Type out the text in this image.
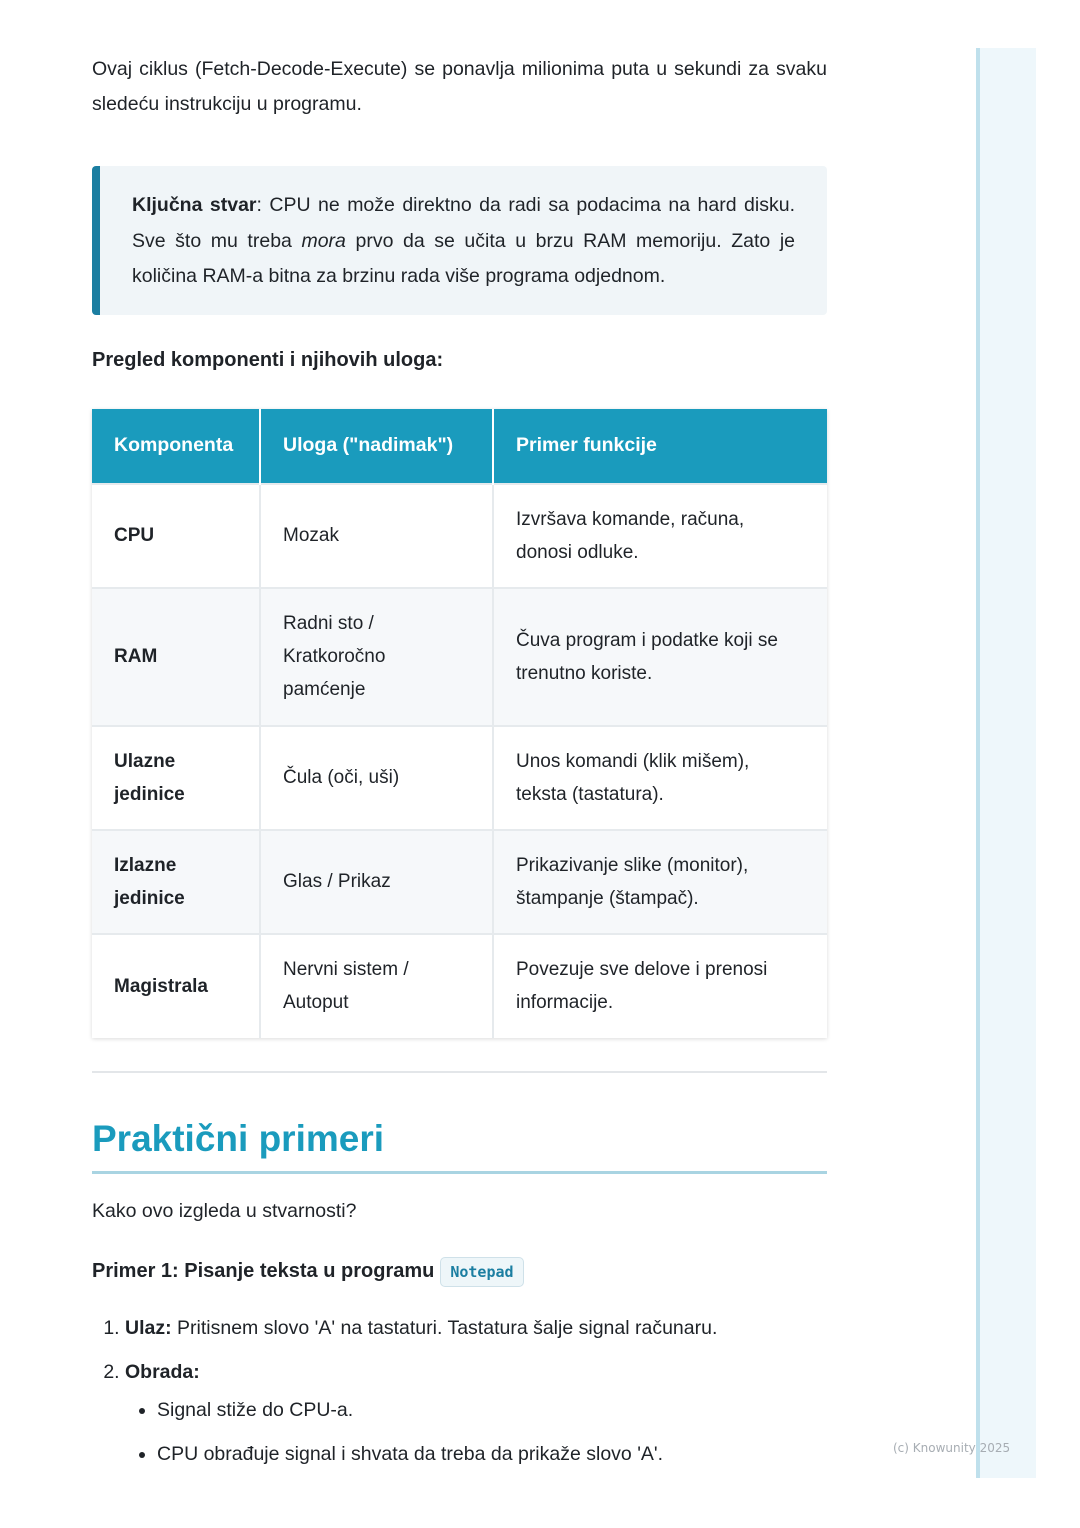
(c) Knowunity 2025

Ovaj ciklus (Fetch-Decode-Execute) se ponavlja milionima puta u sekundi za svaku sledeću instrukciju u programu.

Ključna stvar: CPU ne može direktno da radi sa podacima na hard disku. Sve što mu treba mora prvo da se učita u brzu RAM memoriju. Zato je količina RAM-a bitna za brzinu rada više programa odjednom.
Pregled komponenti i njihovih uloga:
Komponenta	Uloga ("nadimak")	Primer funkcije
CPU	Mozak	Izvršava komande, računa, donosi odluke.
RAM	Radni sto / Kratkoročno pamćenje	Čuva program i podatke koji se trenutno koriste.
Ulazne jedinice	Čula (oči, uši)	Unos komandi (klik mišem), teksta (tastatura).
Izlazne jedinice	Glas / Prikaz	Prikazivanje slike (monitor), štampanje (štampač).
Magistrala	Nervni sistem / Autoput	Povezuje sve delove i prenosi informacije.
Praktični primeri
Kako ovo izgleda u stvarnosti?
Primer 1: Pisanje teksta u programu	Notepad
1. Ulaz: Pritisnem slovo 'A' na tastaturi. Tastatura šalje signal računaru.
2. Obrada:
• Signal stiže do CPU-a.
• CPU obrađuje signal i shvata da treba da prikaže slovo 'A'.
